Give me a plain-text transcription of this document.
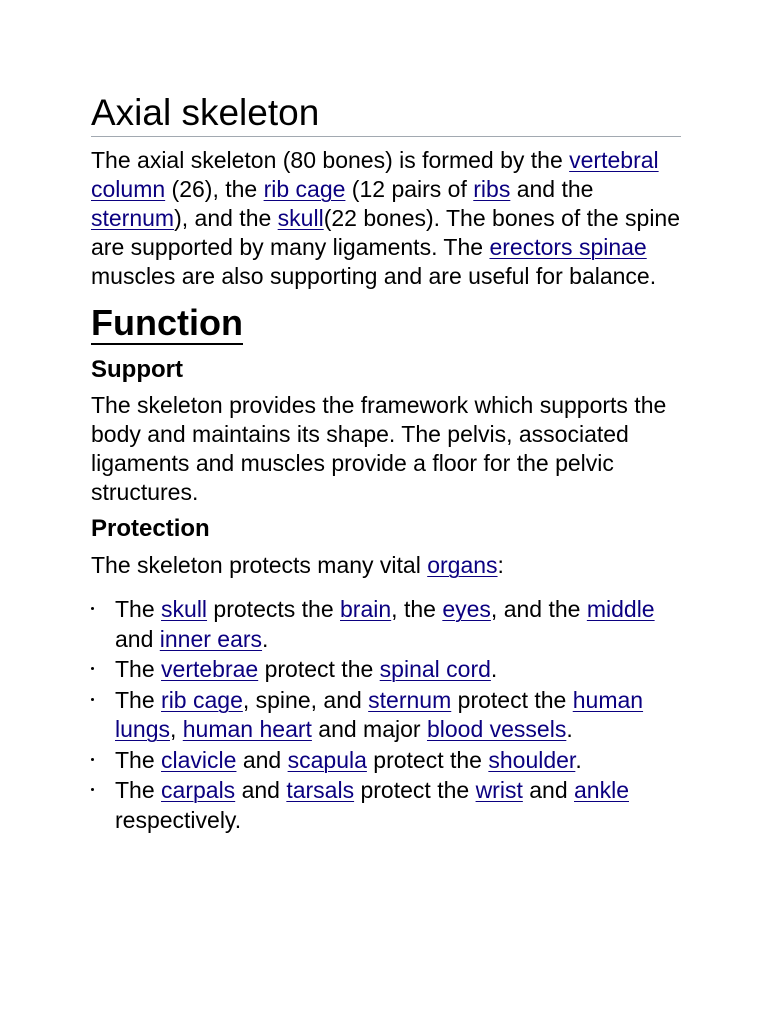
Axial skeleton

The axial skeleton (80 bones) is formed by the vertebral column (26), the rib cage (12 pairs of ribs and the sternum), and the skull(22 bones). The bones of the spine are supported by many ligaments. The erectors spinae muscles are also supporting and are useful for balance.

Function
Support

The skeleton provides the framework which supports the body and maintains its shape. The pelvis, associated ligaments and muscles provide a floor for the pelvic structures.

Protection

The skeleton protects many vital organs:

The skull protects the brain, the eyes, and the middle and inner ears.
The vertebrae protect the spinal cord.
The rib cage, spine, and sternum protect the human lungs, human heart and major blood vessels.
The clavicle and scapula protect the shoulder.
The carpals and tarsals protect the wrist and ankle respectively.
